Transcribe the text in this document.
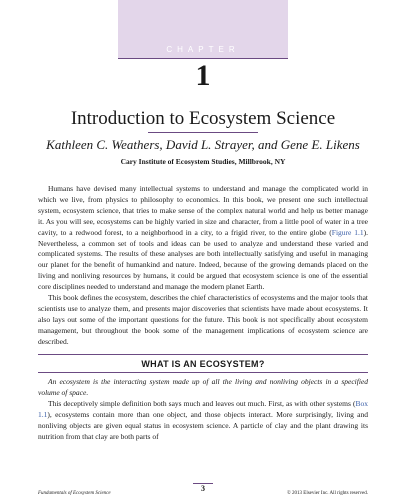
CHAPTER
1
Introduction to Ecosystem Science
Kathleen C. Weathers, David L. Strayer, and Gene E. Likens
Cary Institute of Ecosystem Studies, Millbrook, NY

Humans have devised many intellectual systems to understand and manage the complicated world in which we live, from physics to philosophy to economics. In this book, we present one such intellectual system, ecosystem science, that tries to make sense of the complex natural world and help us better manage it. As you will see, ecosystems can be highly varied in size and character, from a little pool of water in a tree cavity, to a redwood forest, to a neighborhood in a city, to a frigid river, to the entire globe (Figure 1.1). Nevertheless, a common set of tools and ideas can be used to analyze and understand these varied and complicated systems. The results of these analyses are both intellectually satisfying and useful in managing our planet for the benefit of humankind and nature. Indeed, because of the growing demands placed on the living and nonliving resources by humans, it could be argued that ecosystem science is one of the essential core disciplines needed to understand and manage the modern planet Earth.

This book defines the ecosystem, describes the chief characteristics of ecosystems and the major tools that scientists use to analyze them, and presents major discoveries that scientists have made about ecosystems. It also lays out some of the important questions for the future. This book is not specifically about ecosystem management, but throughout the book some of the management implications of ecosystem science are described.

WHAT IS AN ECOSYSTEM?

An ecosystem is the interacting system made up of all the living and nonliving objects in a specified volume of space.

This deceptively simple definition both says much and leaves out much. First, as with other systems (Box 1.1), ecosystems contain more than one object, and those objects interact. More surprisingly, living and nonliving objects are given equal status in ecosystem science. A particle of clay and the plant drawing its nutrition from that clay are both parts of

Fundamentals of Ecosystem Science
3
© 2013 Elsevier Inc. All rights reserved.
